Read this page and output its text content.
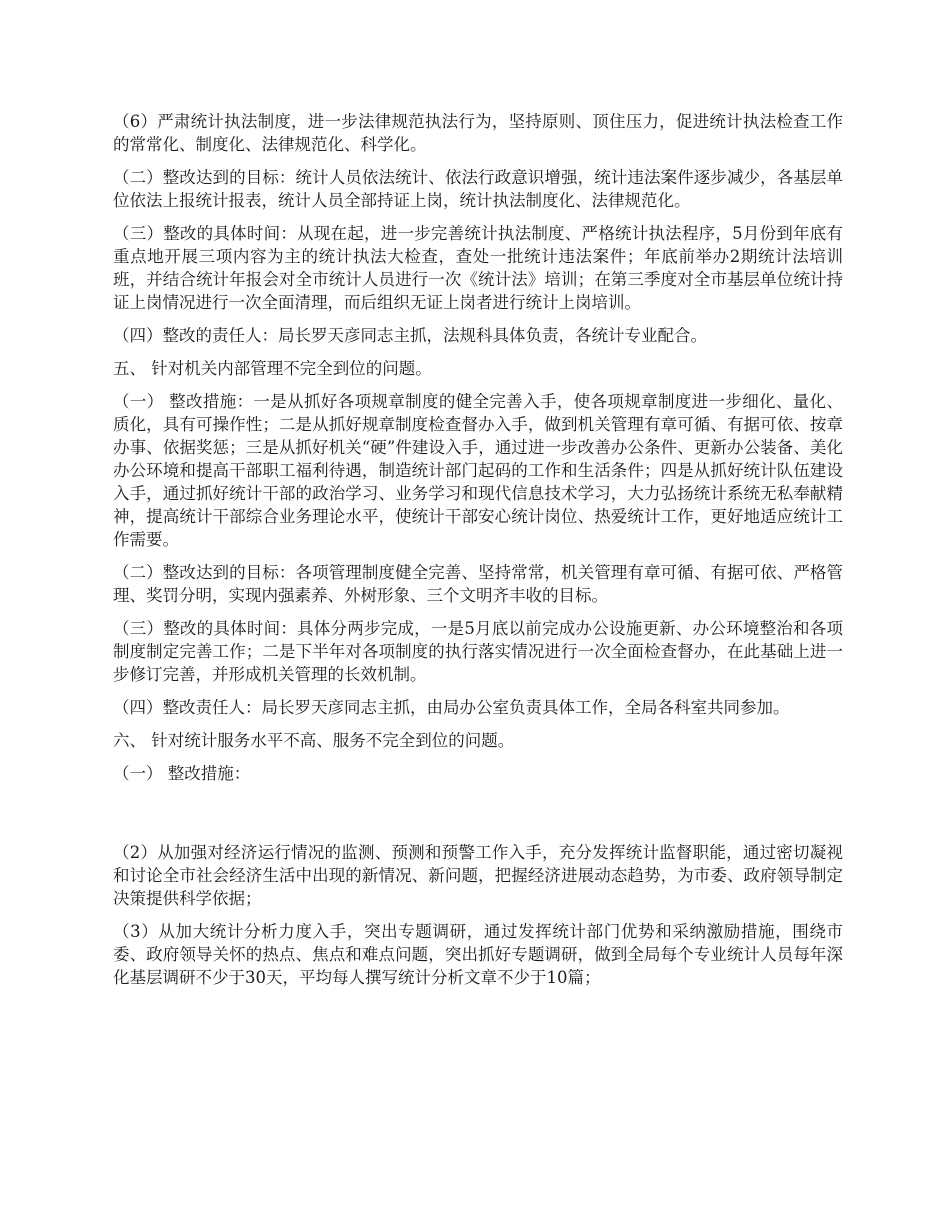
（6）严肃统计执法制度，进一步法律规范执法行为，坚持原则、顶住压力，促进统计执法检查工作的常常化、制度化、法律规范化、科学化。

（二）整改达到的目标：统计人员依法统计、依法行政意识增强，统计违法案件逐步减少，各基层单位依法上报统计报表，统计人员全部持证上岗，统计执法制度化、法律规范化。

（三）整改的具体时间：从现在起，进一步完善统计执法制度、严格统计执法程序，5月份到年底有重点地开展三项内容为主的统计执法大检查，查处一批统计违法案件；年底前举办2期统计法培训班，并结合统计年报会对全市统计人员进行一次《统计法》培训；在第三季度对全市基层单位统计持证上岗情况进行一次全面清理，而后组织无证上岗者进行统计上岗培训。

（四）整改的责任人：局长罗天彦同志主抓，法规科具体负责，各统计专业配合。

五、 针对机关内部管理不完全到位的问题。

（一） 整改措施：一是从抓好各项规章制度的健全完善入手，使各项规章制度进一步细化、量化、质化，具有可操作性；二是从抓好规章制度检查督办入手，做到机关管理有章可循、有据可依、按章办事、依据奖惩；三是从抓好机关“硬”件建设入手，通过进一步改善办公条件、更新办公装备、美化办公环境和提高干部职工福利待遇，制造统计部门起码的工作和生活条件；四是从抓好统计队伍建设入手，通过抓好统计干部的政治学习、业务学习和现代信息技术学习，大力弘扬统计系统无私奉献精神，提高统计干部综合业务理论水平，使统计干部安心统计岗位、热爱统计工作，更好地适应统计工作需要。

（二）整改达到的目标：各项管理制度健全完善、坚持常常，机关管理有章可循、有据可依、严格管理、奖罚分明，实现内强素养、外树形象、三个文明齐丰收的目标。

（三）整改的具体时间：具体分两步完成，一是5月底以前完成办公设施更新、办公环境整治和各项制度制定完善工作；二是下半年对各项制度的执行落实情况进行一次全面检查督办，在此基础上进一步修订完善，并形成机关管理的长效机制。

（四）整改责任人：局长罗天彦同志主抓，由局办公室负责具体工作，全局各科室共同参加。

六、 针对统计服务水平不高、服务不完全到位的问题。

（一） 整改措施：

（2）从加强对经济运行情况的监测、预测和预警工作入手，充分发挥统计监督职能，通过密切凝视和讨论全市社会经济生活中出现的新情况、新问题，把握经济进展动态趋势，为市委、政府领导制定决策提供科学依据；

（3）从加大统计分析力度入手，突出专题调研，通过发挥统计部门优势和采纳激励措施，围绕市委、政府领导关怀的热点、焦点和难点问题，突出抓好专题调研，做到全局每个专业统计人员每年深化基层调研不少于30天，平均每人撰写统计分析文章不少于10篇；
